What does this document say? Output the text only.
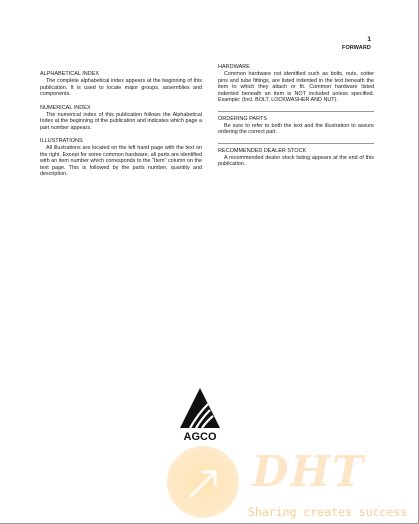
1
FORWARD
ALPHABETICAL INDEX
The complete alphabetical index appears at the beginning of this publication. It is used to locate major groups, assemblies and components.
NUMERICAL INDEX
The numerical index of this publication follows the Alphabetical Index at the beginning of the publication and indicates which page a part number appears.
ILLUSTRATIONS
All illustrations are located on the left hand page with the text on the right. Except for some common hardware, all parts are identified with an item number which corresponds to the "Item" column on the text page. This is followed by the parts number, quantity and description.
HARDWARE
Common hardware not identified such as bolts, nuts, cotter pins and tube fittings, are listed indented in the text beneath the item to which they attach or fit. Common hardware listed indented beneath an item is NOT included unless specified. Example: (Incl. BOLT, LOCKWASHER AND NUT).
ORDERING PARTS
Be sure to refer to both the text and the illustration to assure ordering the correct part.
RECOMMENDED DEALER STOCK
A recommended dealer stock listing appears at the end of this publication.
AGCO
DHT
Sharing creates success
